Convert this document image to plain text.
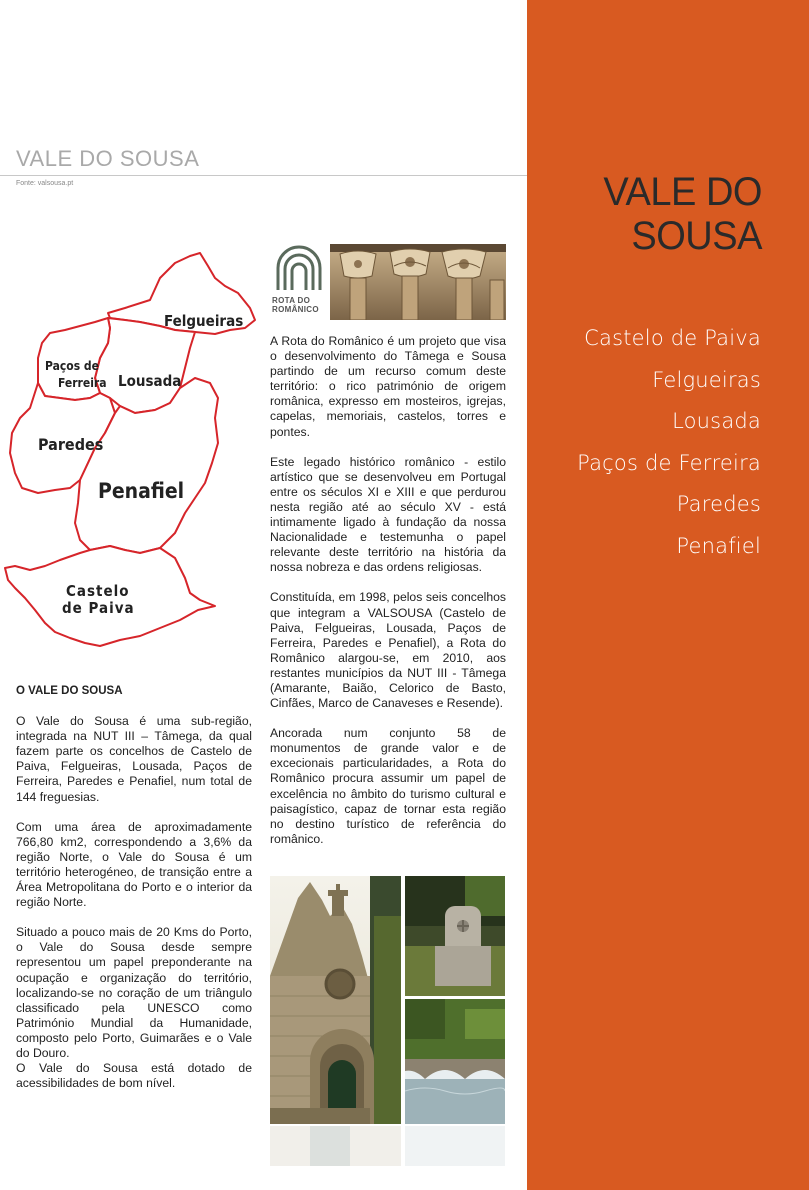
VALE DO SOUSA
Fonte: valsousa.pt	VALE DO
SOUSA
Castelo de Paiva
Felgueiras
Lousada
Paços de Ferreira
Paredes
Penafiel
Felgueiras
Paços de
Ferreira Lousada
Paredes
Penafiel
Castelo
de Paiva
ROTA DO
ROMÂNICO
O VALE DO SOUSA

O Vale do Sousa é uma sub-região, integrada na NUT III – Tâmega, da qual fazem parte os concelhos de Castelo de Paiva, Felgueiras, Lousada, Paços de Ferreira, Paredes e Penafiel, num total de 144 freguesias.

Com uma área de aproximadamente 766,80 km2, correspondendo a 3,6% da região Norte, o Vale do Sousa é um território heterogéneo, de transição entre a Área Metropolitana do Porto e o interior da região Norte.

Situado a pouco mais de 20 Kms do Porto, o Vale do Sousa desde sempre representou um papel preponderante na ocupação e organização do território, localizando-se no coração de um triângulo classificado pela UNESCO como Património Mundial da Humanidade, composto pelo Porto, Guimarães e o Vale do Douro.

O Vale do Sousa está dotado de acessibilidades de bom nível.

A Rota do Românico é um projeto que visa o desenvolvimento do Tâmega e Sousa partindo de um recurso comum deste território: o rico património de origem românica, expresso em mosteiros, igrejas, capelas, memoriais, castelos, torres e pontes.

Este legado histórico românico - estilo artístico que se desenvolveu em Portugal entre os séculos XI e XIII e que perdurou nesta região até ao século XV - está intimamente ligado à fundação da nossa Nacionalidade e testemunha o papel relevante deste território na história da nossa nobreza e das ordens religiosas.

Constituída, em 1998, pelos seis concelhos que integram a VALSOUSA (Castelo de Paiva, Felgueiras, Lousada, Paços de Ferreira, Paredes e Penafiel), a Rota do Românico alargou-se, em 2010, aos restantes municípios da NUT III - Tâmega (Amarante, Baião, Celorico de Basto, Cinfães, Marco de Canaveses e Resende).

Ancorada num conjunto 58 de monumentos de grande valor e de excecionais particularidades, a Rota do Românico procura assumir um papel de excelência no âmbito do turismo cultural e paisagístico, capaz de tornar esta região no destino turístico de referência do românico.
